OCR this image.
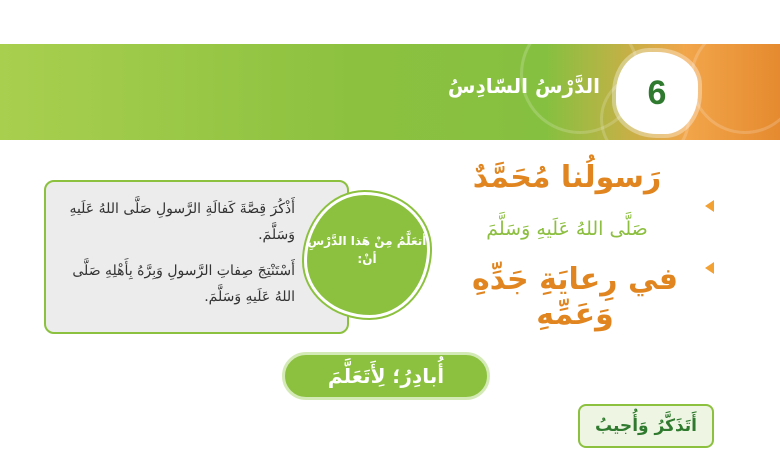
الدَّرْسُ السّادِسُ 6
رَسولُنا مُحَمَّدٌ
صَلَّى اللهُ عَلَيهِ وَسَلَّمَ
في رِعايَةِ جَدِّهِ وَعَمِّهِ
أَذْكُرَ قِصَّةَ كَفالَةِ الرَّسولِ صَلَّى اللهُ عَلَيهِ وَسَلَّمَ.
أَسْتَنْتِجَ صِفاتِ الرَّسولِ وَبِرَّهُ بِأَهْلِهِ صَلَّى اللهُ عَلَيهِ وَسَلَّمَ.
أتعَلَّمُ مِنْ هَذا الدَّرْسِ أنْ:
أُبادِرُ؛ لِأَتَعَلَّمَ
أَتَذَكَّرُ وَأُجيبُ
